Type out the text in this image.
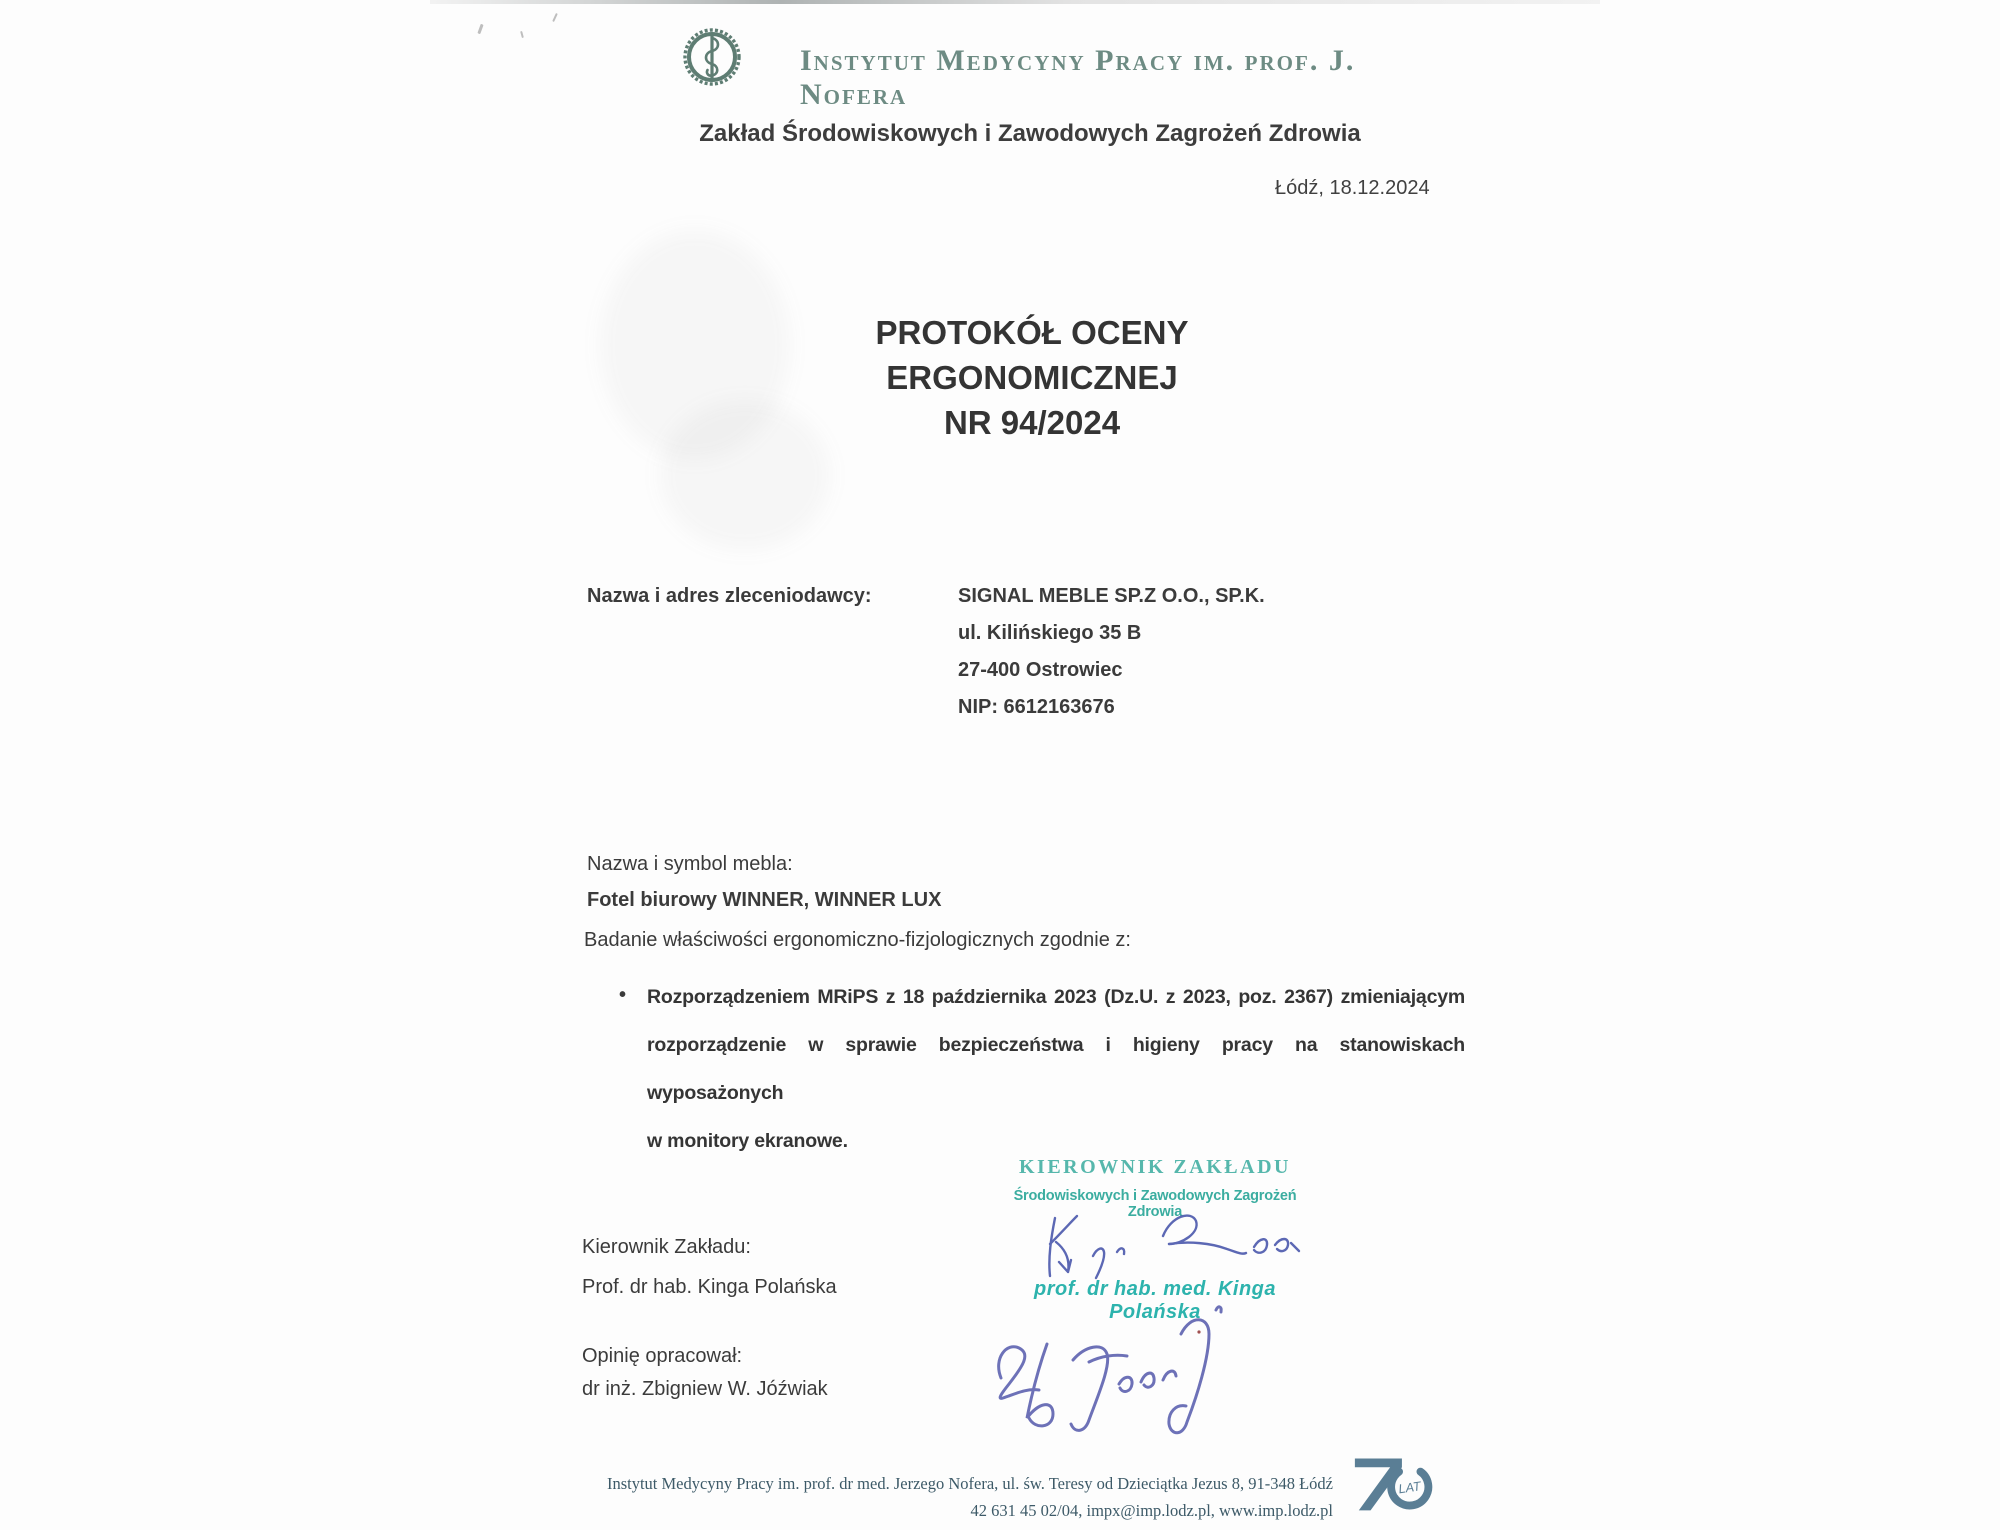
Instytut Medycyny Pracy im. prof. J. Nofera
Zakład Środowiskowych i Zawodowych Zagrożeń Zdrowia
Łódź, 18.12.2024
PROTOKÓŁ OCENY
ERGONOMICZNEJ
NR 94/2024
Nazwa i adres zleceniodawcy:	SIGNAL MEBLE SP.Z O.O., SP.K.
ul. Kilińskiego 35 B
27-400 Ostrowiec
NIP: 6612163676
Nazwa i symbol mebla:
Fotel biurowy WINNER, WINNER LUX
Badanie właściwości ergonomiczno-fizjologicznych zgodnie z:
• Rozporządzeniem MRiPS z 18 października 2023 (Dz.U. z 2023, poz. 2367) zmieniającym
rozporządzenie w sprawie bezpieczeństwa i higieny pracy na stanowiskach wyposażonych
w monitory ekranowe.
Kierownik Zakładu:
Prof. dr hab. Kinga Polańska
KIEROWNIK ZAKŁADU
Środowiskowych i Zawodowych Zagrożeń Zdrowia
prof. dr hab. med. Kinga Polańska
Opinię opracował:
dr inż. Zbigniew W. Jóźwiak
Instytut Medycyny Pracy im. prof. dr med. Jerzego Nofera, ul. św. Teresy od Dzieciątka Jezus 8, 91-348 Łódź
42 631 45 02/04, impx@imp.lodz.pl, www.imp.lodz.pl
LAT
